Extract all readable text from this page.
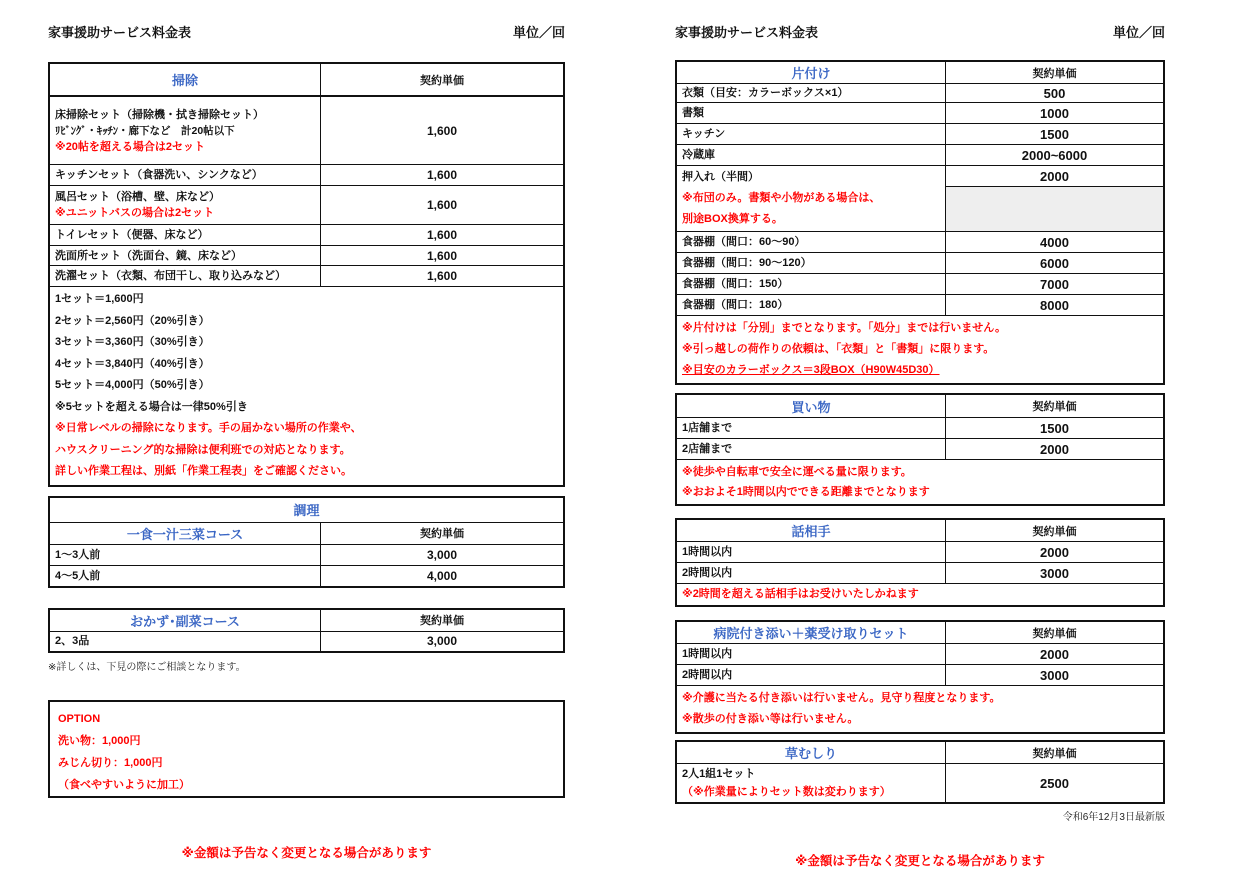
家事援助サービス料金表	単位／回
掃除	契約単価
床掃除セット（掃除機・拭き掃除セット）
ﾘﾋﾞﾝｸﾞ・ｷｯﾁﾝ・廊下など　計20帖以下
※20帖を超える場合は2セット
1,600
キッチンセット（食器洗い、シンクなど）	1,600
風呂セット（浴槽、壁、床など）
※ユニットバスの場合は2セット
1,600
トイレセット（便器、床など）	1,600
洗面所セット（洗面台、鏡、床など）	1,600
洗濯セット（衣類、布団干し、取り込みなど）	1,600
1セット＝1,600円
2セット＝2,560円（20%引き）
3セット＝3,360円（30%引き）
4セット＝3,840円（40%引き）
5セット＝4,000円（50%引き）
※5セットを超える場合は一律50%引き
※日常レベルの掃除になります。手の届かない場所の作業や、
ハウスクリーニング的な掃除は便利班での対応となります。
詳しい作業工程は、別紙「作業工程表」をご確認ください。
調理
一食一汁三菜コース	契約単価
1～3人前	3,000
4～5人前	4,000
おかず･副菜コース	契約単価
2、3品	3,000
※詳しくは、下見の際にご相談となります。
OPTION
洗い物：1,000円
みじん切り：1,000円
（食べやすいように加工）
※金額は予告なく変更となる場合があります
家事援助サービス料金表	単位／回
片付け	契約単価
衣類（目安：カラーボックス×1）	500
書類	1000
キッチン	1500
冷蔵庫	2000~6000
押入れ（半間）
※布団のみ。書類や小物がある場合は、
別途BOX換算する。
2000
食器棚（間口：60～90）	4000
食器棚（間口：90～120）	6000
食器棚（間口：150）	7000
食器棚（間口：180）	8000
※片付けは「分別」までとなります。「処分」までは行いません。
※引っ越しの荷作りの依頼は、「衣類」と「書類」に限ります。
※目安のカラーボックス＝3段BOX（H90W45D30）
買い物	契約単価
1店舗まで	1500
2店舗まで	2000
※徒歩や自転車で安全に運べる量に限ります。
※おおよそ1時間以内でできる距離までとなります
話相手	契約単価
1時間以内	2000
2時間以内	3000
※2時間を超える話相手はお受けいたしかねます
病院付き添い＋薬受け取りセット	契約単価
1時間以内	2000
2時間以内	3000
※介護に当たる付き添いは行いません。見守り程度となります。
※散歩の付き添い等は行いません。
草むしり	契約単価
2人1組1セット
（※作業量によりセット数は変わります）
2500
令和6年12月3日最新版
※金額は予告なく変更となる場合があります
